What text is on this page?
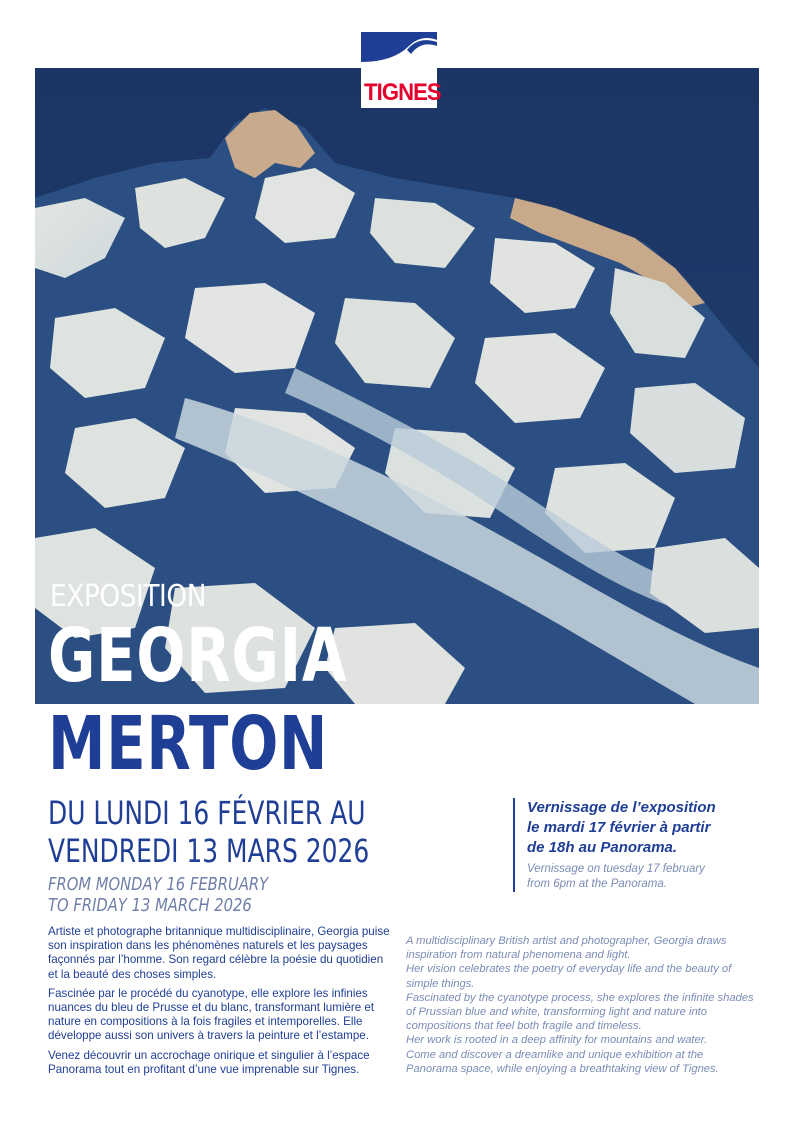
TIGNES
EXPOSITION
GEORGIA
MERTON
DU LUNDI 16 FÉVRIER AU
VENDREDI 13 MARS 2026
FROM MONDAY 16 FEBRUARY
TO FRIDAY 13 MARCH 2026

Artiste et photographe britannique multidisciplinaire, Georgia puise son inspiration dans les phénomènes naturels et les paysages façonnés par l’homme. Son regard célèbre la poésie du quotidien et la beauté des choses simples.

Fascinée par le procédé du cyanotype, elle explore les infinies nuances du bleu de Prusse et du blanc, transformant lumière et nature en compositions à la fois fragiles et intemporelles. Elle développe aussi son univers à travers la peinture et l’estampe.

Venez découvrir un accrochage onirique et singulier à l’espace Panorama tout en profitant d’une vue imprenable sur Tignes.

Vernissage de l’exposition
le mardi 17 février à partir
de 18h au Panorama.

Vernissage on tuesday 17 february
from 6pm at the Panorama.

A multidisciplinary British artist and photographer, Georgia draws inspiration from natural phenomena and light.

Her vision celebrates the poetry of everyday life and the beauty of simple things.

Fascinated by the cyanotype process, she explores the infinite shades of Prussian blue and white, transforming light and nature into compositions that feel both fragile and timeless.

Her work is rooted in a deep affinity for mountains and water.

Come and discover a dreamlike and unique exhibition at the Panorama space, while enjoying a breathtaking view of Tignes.
